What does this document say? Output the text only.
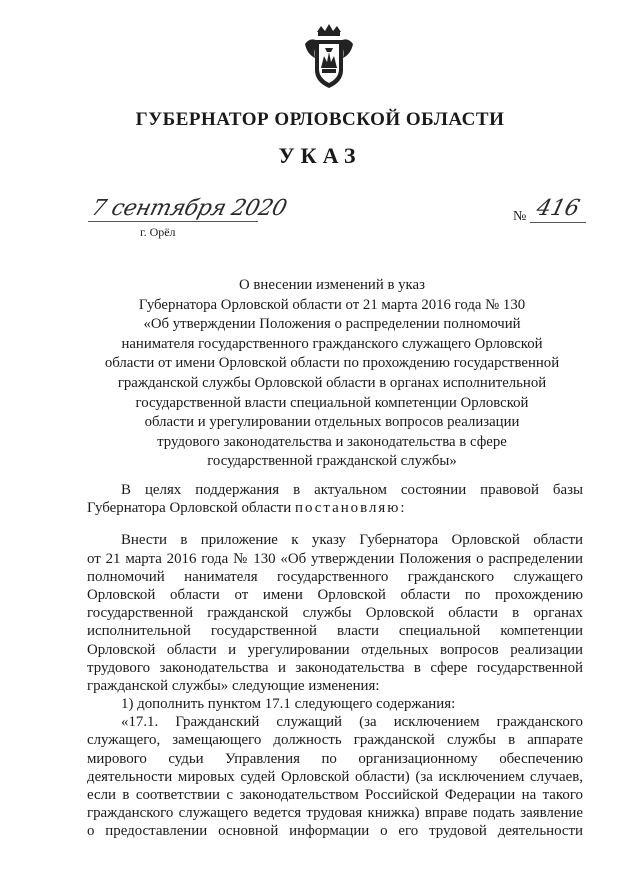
ГУБЕРНАТОР ОРЛОВСКОЙ ОБЛАСТИ
УКАЗ
7 сентября 2020
г. Орёл
№ 416
О внесении изменений в указ
Губернатора Орловской области от 21 марта 2016 года № 130
«Об утверждении Положения о распределении полномочий
нанимателя государственного гражданского служащего Орловской
области от имени Орловской области по прохождению государственной
гражданской службы Орловской области в органах исполнительной
государственной власти специальной компетенции Орловской
области и урегулировании отдельных вопросов реализации
трудового законодательства и законодательства в сфере
государственной гражданской службы»
В целях поддержания в актуальном состоянии правовой базы
Губернатора Орловской области постановляю:
Внести в приложение к указу Губернатора Орловской области
от 21 марта 2016 года № 130 «Об утверждении Положения о распределении
полномочий нанимателя государственного гражданского служащего
Орловской области от имени Орловской области по прохождению
государственной гражданской службы Орловской области в органах
исполнительной государственной власти специальной компетенции
Орловской области и урегулировании отдельных вопросов реализации
трудового законодательства и законодательства в сфере государственной
гражданской службы» следующие изменения:
1) дополнить пунктом 17.1 следующего содержания:
«17.1. Гражданский служащий (за исключением гражданского
служащего, замещающего должность гражданской службы в аппарате
мирового судьи Управления по организационному обеспечению
деятельности мировых судей Орловской области) (за исключением случаев,
если в соответствии с законодательством Российской Федерации на такого
гражданского служащего ведется трудовая книжка) вправе подать заявление
о предоставлении основной информации о его трудовой деятельности
